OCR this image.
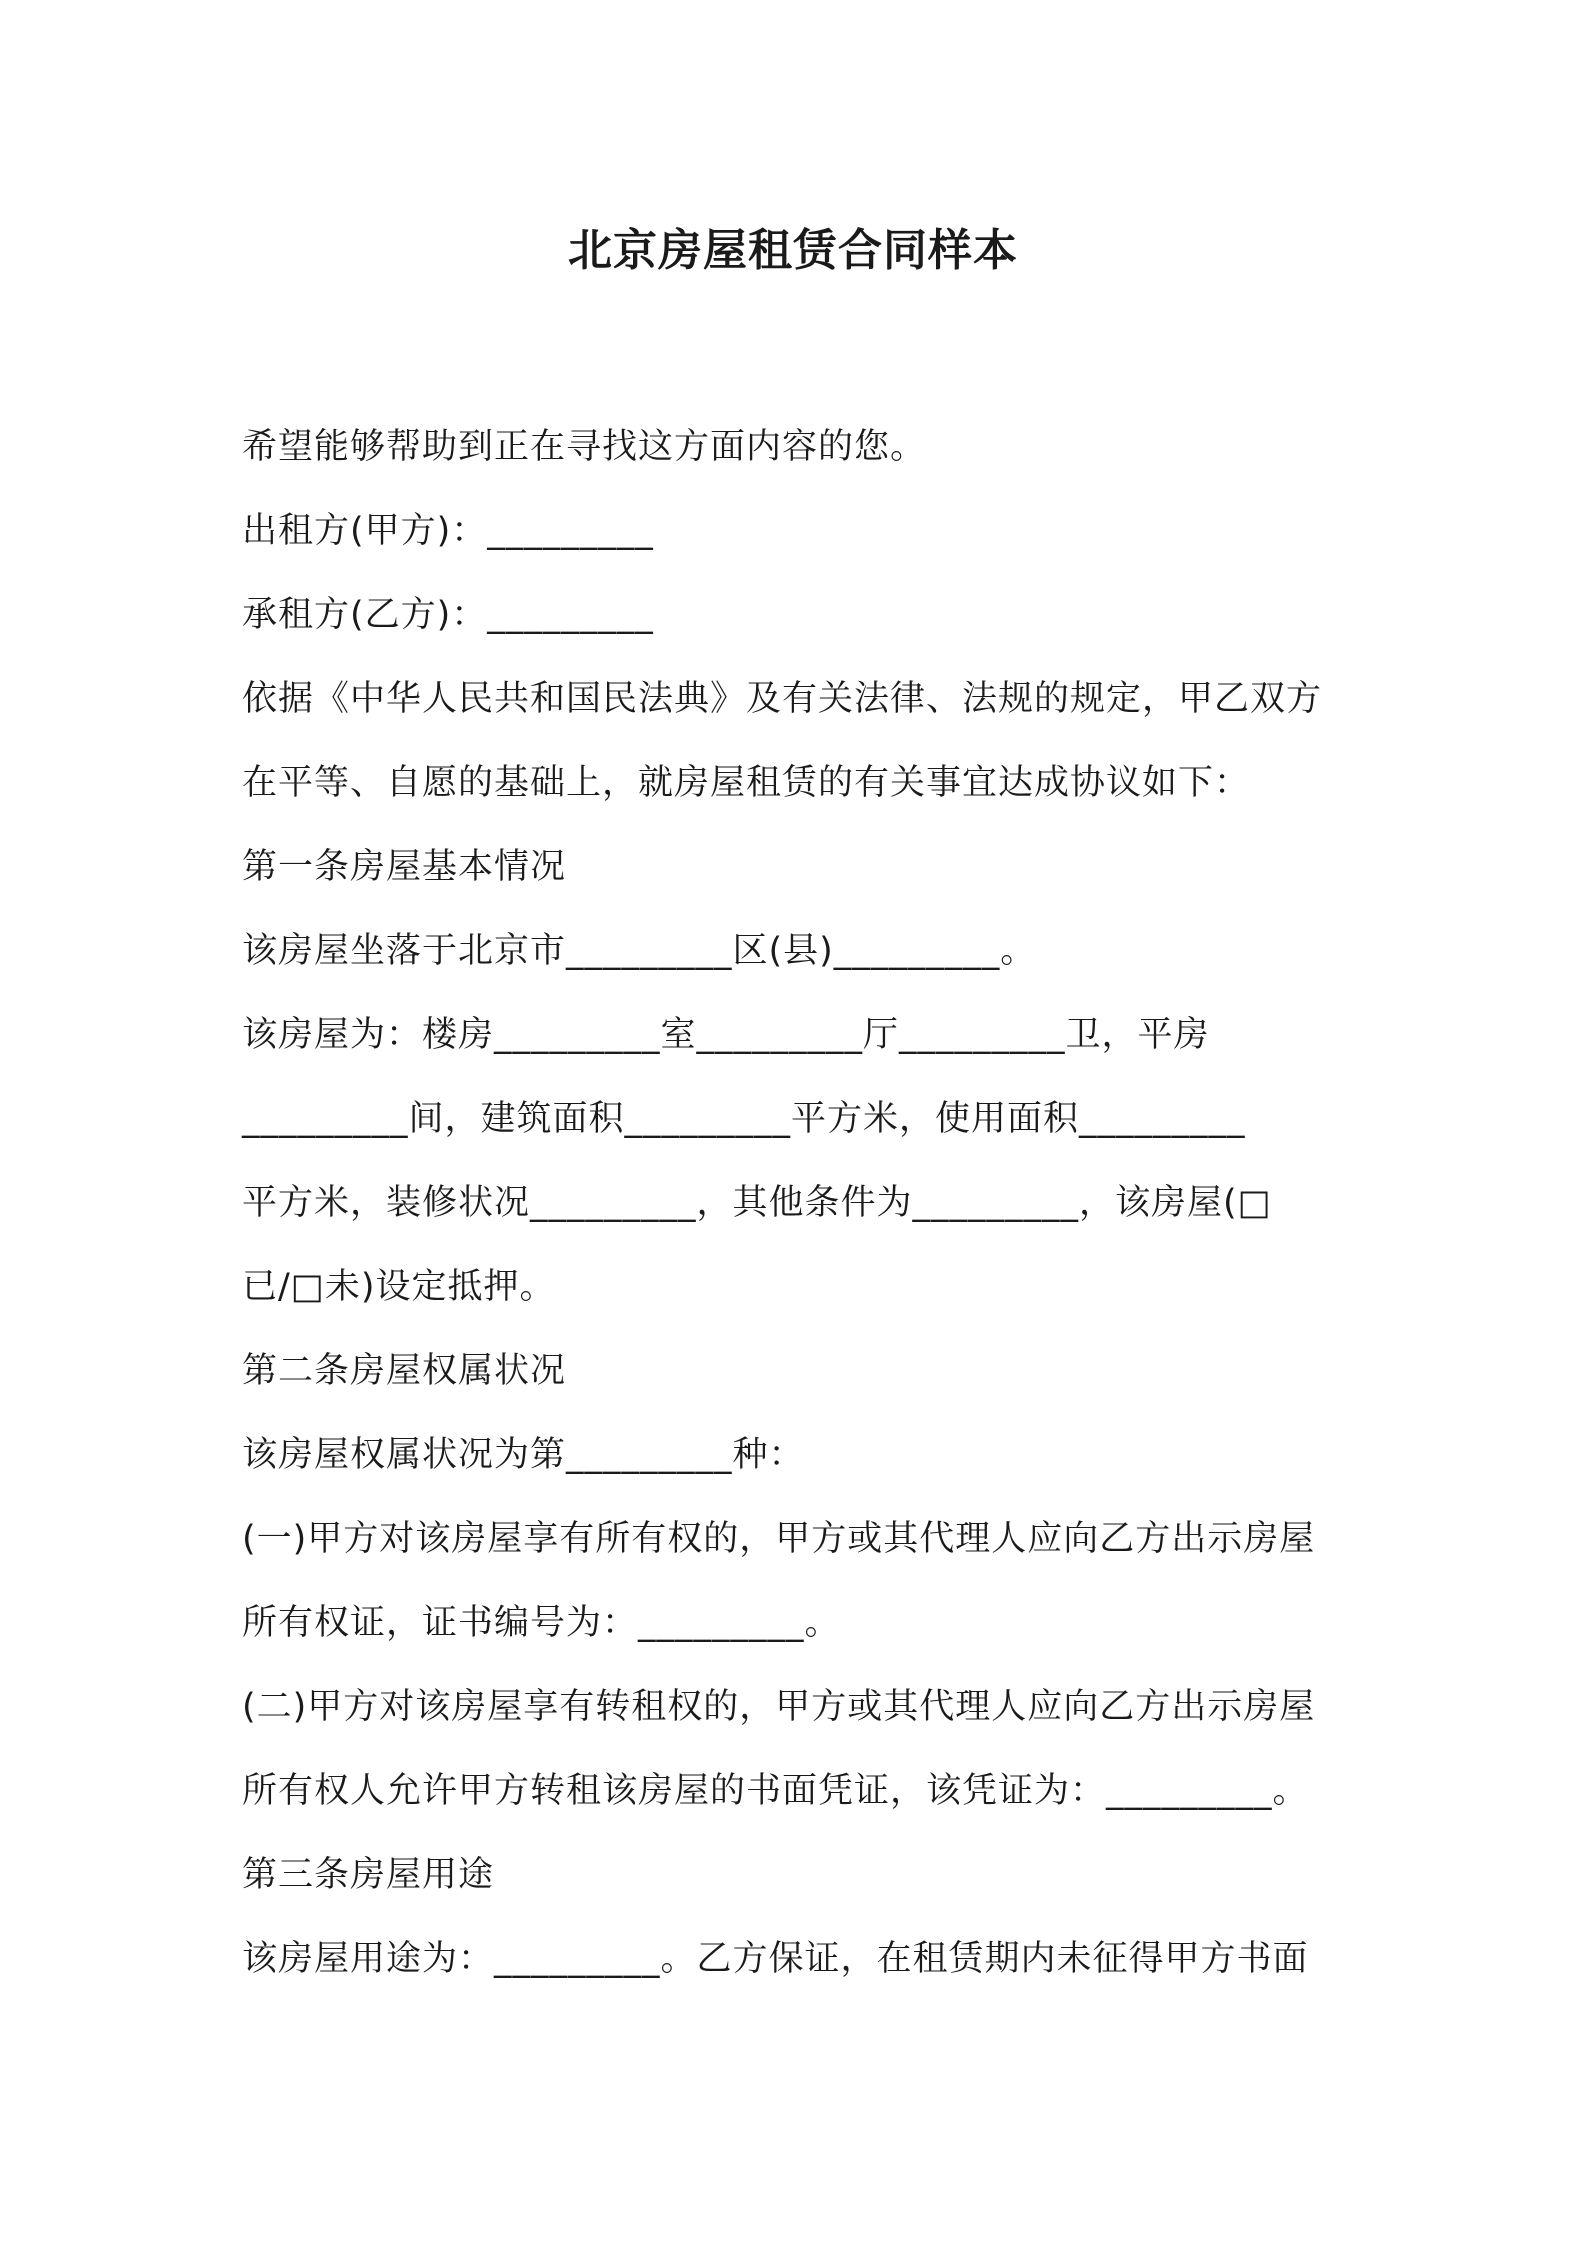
北京房屋租赁合同样本
希望能够帮助到正在寻找这方面内容的您。
出租方(甲方)：_________
承租方(乙方)：_________
依据《中华人民共和国民法典》及有关法律、法规的规定，甲乙双方
在平等、自愿的基础上，就房屋租赁的有关事宜达成协议如下：
第一条房屋基本情况
该房屋坐落于北京市_________区(县)_________。
该房屋为：楼房_________室_________厅_________卫，平房
_________间，建筑面积_________平方米，使用面积_________
平方米，装修状况_________，其他条件为_________，该房屋(□
已/□未)设定抵押。
第二条房屋权属状况
该房屋权属状况为第_________种：
(一)甲方对该房屋享有所有权的，甲方或其代理人应向乙方出示房屋
所有权证，证书编号为：_________。
(二)甲方对该房屋享有转租权的，甲方或其代理人应向乙方出示房屋
所有权人允许甲方转租该房屋的书面凭证，该凭证为：_________。
第三条房屋用途
该房屋用途为：_________。乙方保证，在租赁期内未征得甲方书面
